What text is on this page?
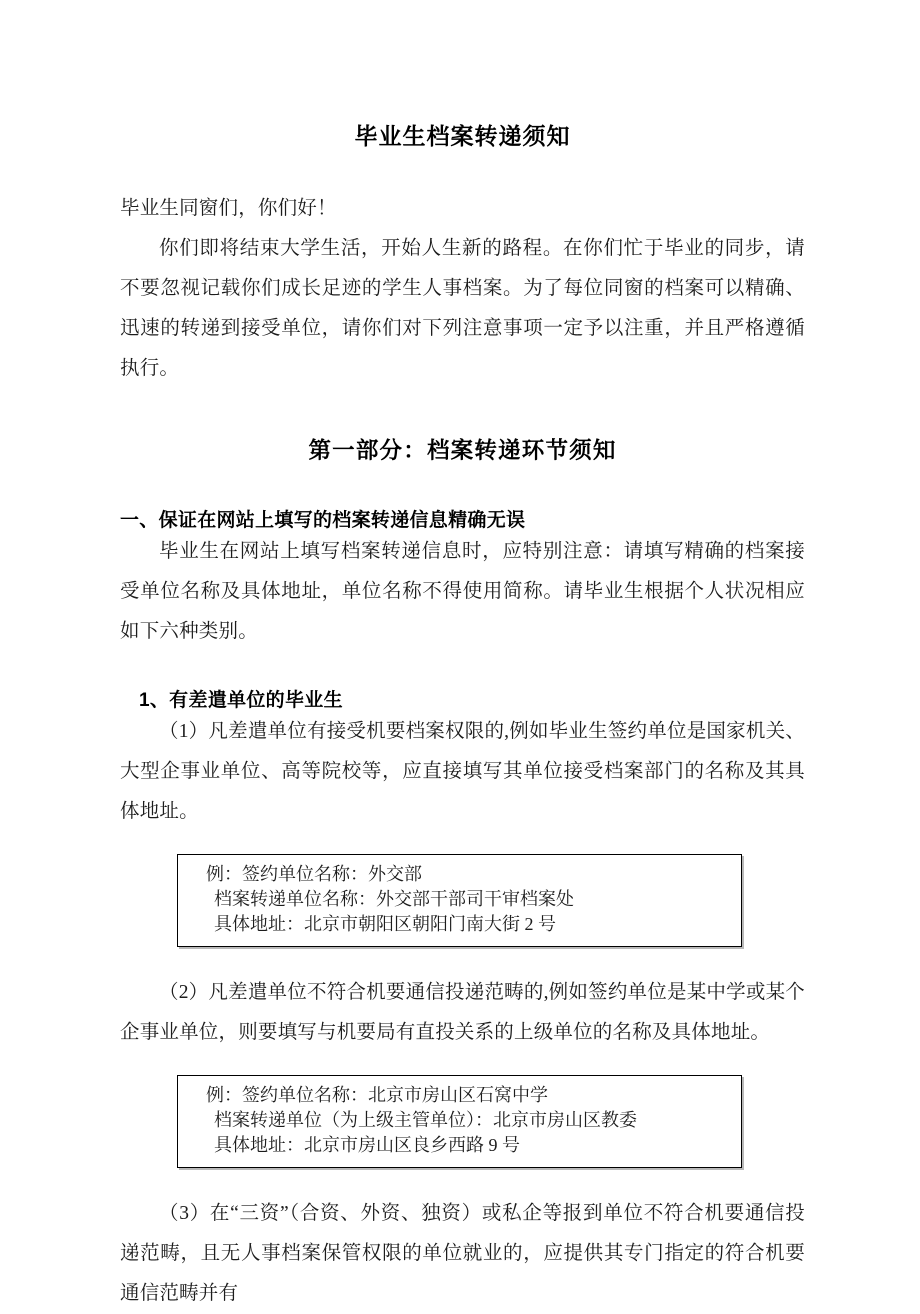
毕业生档案转递须知

毕业生同窗们，你们好！

你们即将结束大学生活，开始人生新的路程。在你们忙于毕业的同步，请不要忽视记载你们成长足迹的学生人事档案。为了每位同窗的档案可以精确、迅速的转递到接受单位，请你们对下列注意事项一定予以注重，并且严格遵循执行。

第一部分：档案转递环节须知
一、保证在网站上填写的档案转递信息精确无误

毕业生在网站上填写档案转递信息时，应特别注意：请填写精确的档案接受单位名称及具体地址，单位名称不得使用简称。请毕业生根据个人状况相应如下六种类别。

1、有差遣单位的毕业生

（1）凡差遣单位有接受机要档案权限的,例如毕业生签约单位是国家机关、大型企事业单位、高等院校等，应直接填写其单位接受档案部门的名称及其具体地址。

例：签约单位名称：外交部
档案转递单位名称：外交部干部司干审档案处
具体地址：北京市朝阳区朝阳门南大街 2 号

（2）凡差遣单位不符合机要通信投递范畴的,例如签约单位是某中学或某个企事业单位，则要填写与机要局有直投关系的上级单位的名称及具体地址。

例：签约单位名称：北京市房山区石窝中学
档案转递单位（为上级主管单位）：北京市房山区教委
具体地址：北京市房山区良乡西路 9 号

（3）在“三资”（合资、外资、独资）或私企等报到单位不符合机要通信投递范畴，且无人事档案保管权限的单位就业的，应提供其专门指定的符合机要通信范畴并有
